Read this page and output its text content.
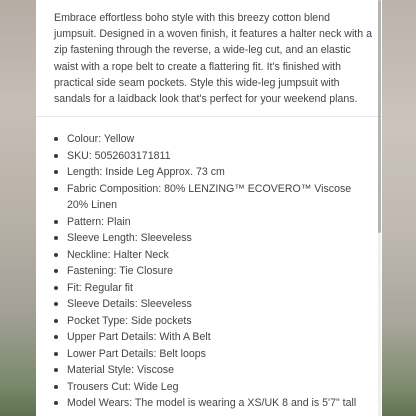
Embrace effortless boho style with this breezy cotton blend jumpsuit. Designed in a woven finish, it features a halter neck with a zip fastening through the reverse, a wide-leg cut, and an elastic waist with a rope belt to create a flattering fit. It's finished with practical side seam pockets. Style this wide-leg jumpsuit with sandals for a laidback look that's perfect for your weekend plans.

Colour: Yellow
SKU: 5052603171811
Length: Inside Leg Approx. 73 cm
Fabric Composition: 80% LENZING™ ECOVERO™ Viscose 20% Linen
Pattern: Plain
Sleeve Length: Sleeveless
Neckline: Halter Neck
Fastening: Tie Closure
Fit: Regular fit
Sleeve Details: Sleeveless
Pocket Type: Side pockets
Upper Part Details: With A Belt
Lower Part Details: Belt loops
Material Style: Viscose
Trousers Cut: Wide Leg
Model Wears: The model is wearing a XS/UK 8 and is 5'7" tall
